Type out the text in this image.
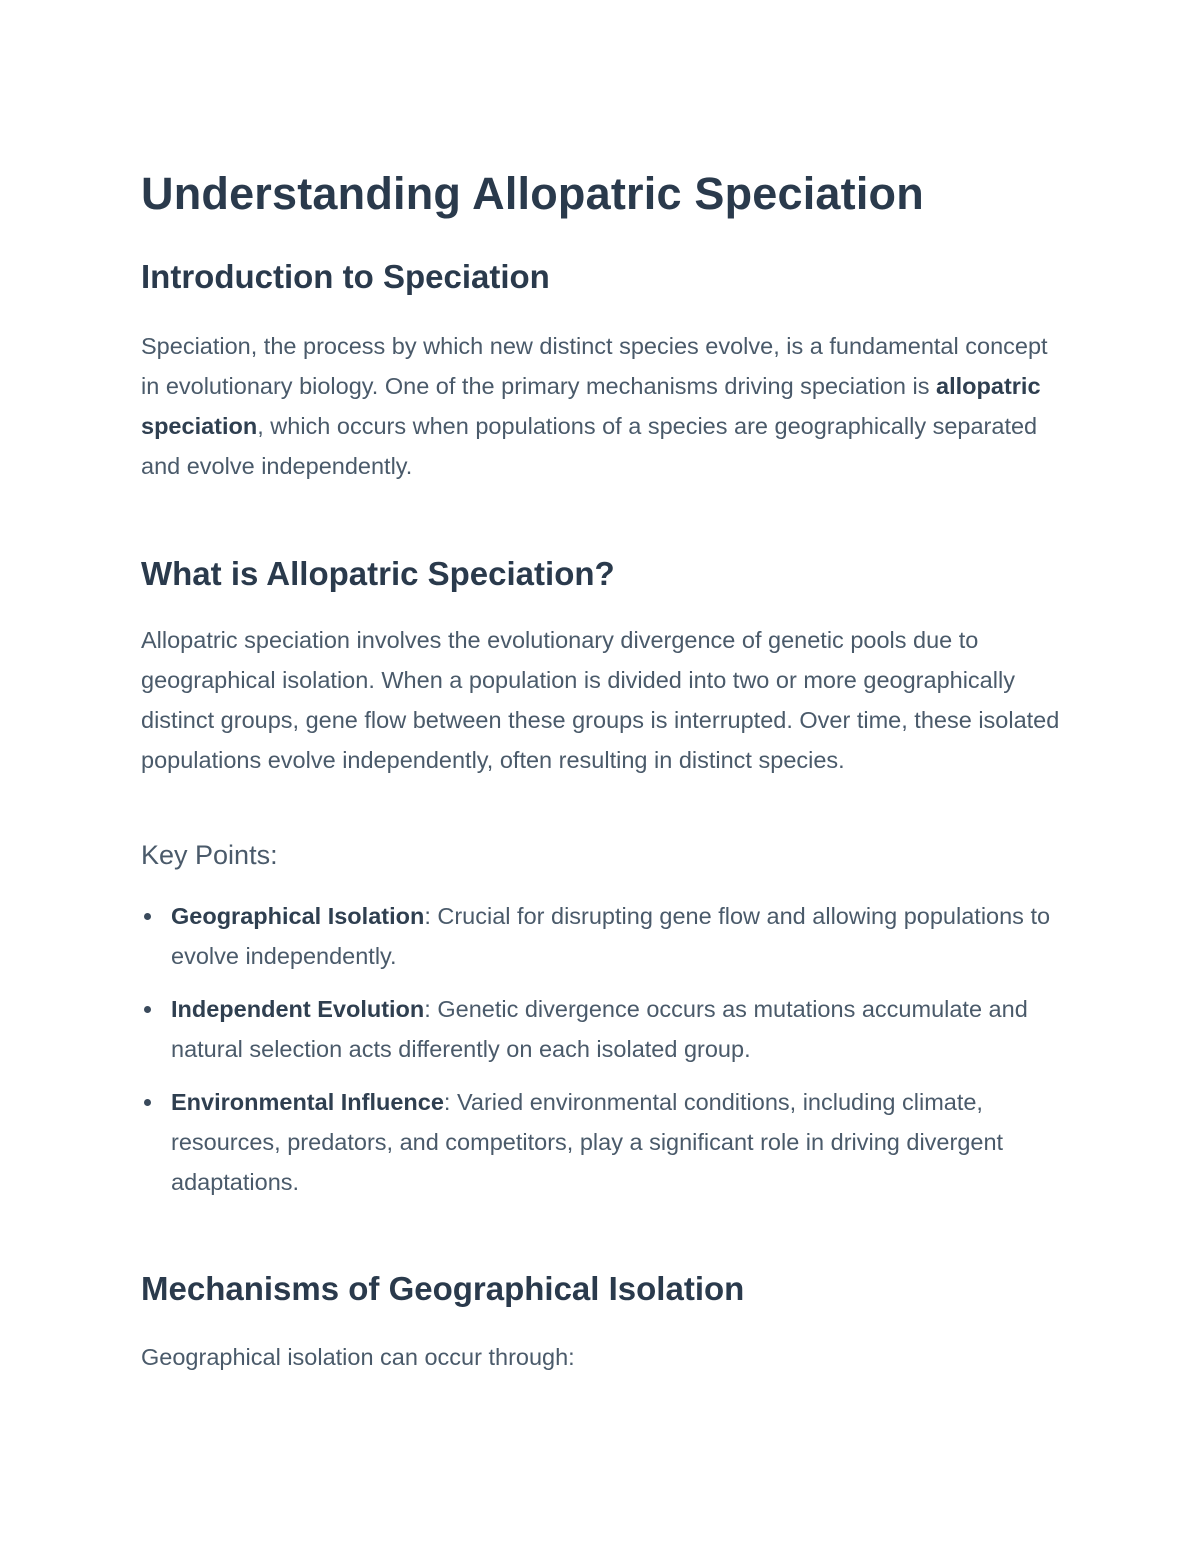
Understanding Allopatric Speciation
Introduction to Speciation

Speciation, the process by which new distinct species evolve, is a fundamental concept in evolutionary biology. One of the primary mechanisms driving speciation is allopatric speciation, which occurs when populations of a species are geographically separated and evolve independently.

What is Allopatric Speciation?

Allopatric speciation involves the evolutionary divergence of genetic pools due to geographical isolation. When a population is divided into two or more geographically distinct groups, gene flow between these groups is interrupted. Over time, these isolated populations evolve independently, often resulting in distinct species.

Key Points:
Geographical Isolation: Crucial for disrupting gene flow and allowing populations to evolve independently.
Independent Evolution: Genetic divergence occurs as mutations accumulate and natural selection acts differently on each isolated group.
Environmental Influence: Varied environmental conditions, including climate, resources, predators, and competitors, play a significant role in driving divergent adaptations.
Mechanisms of Geographical Isolation

Geographical isolation can occur through:
